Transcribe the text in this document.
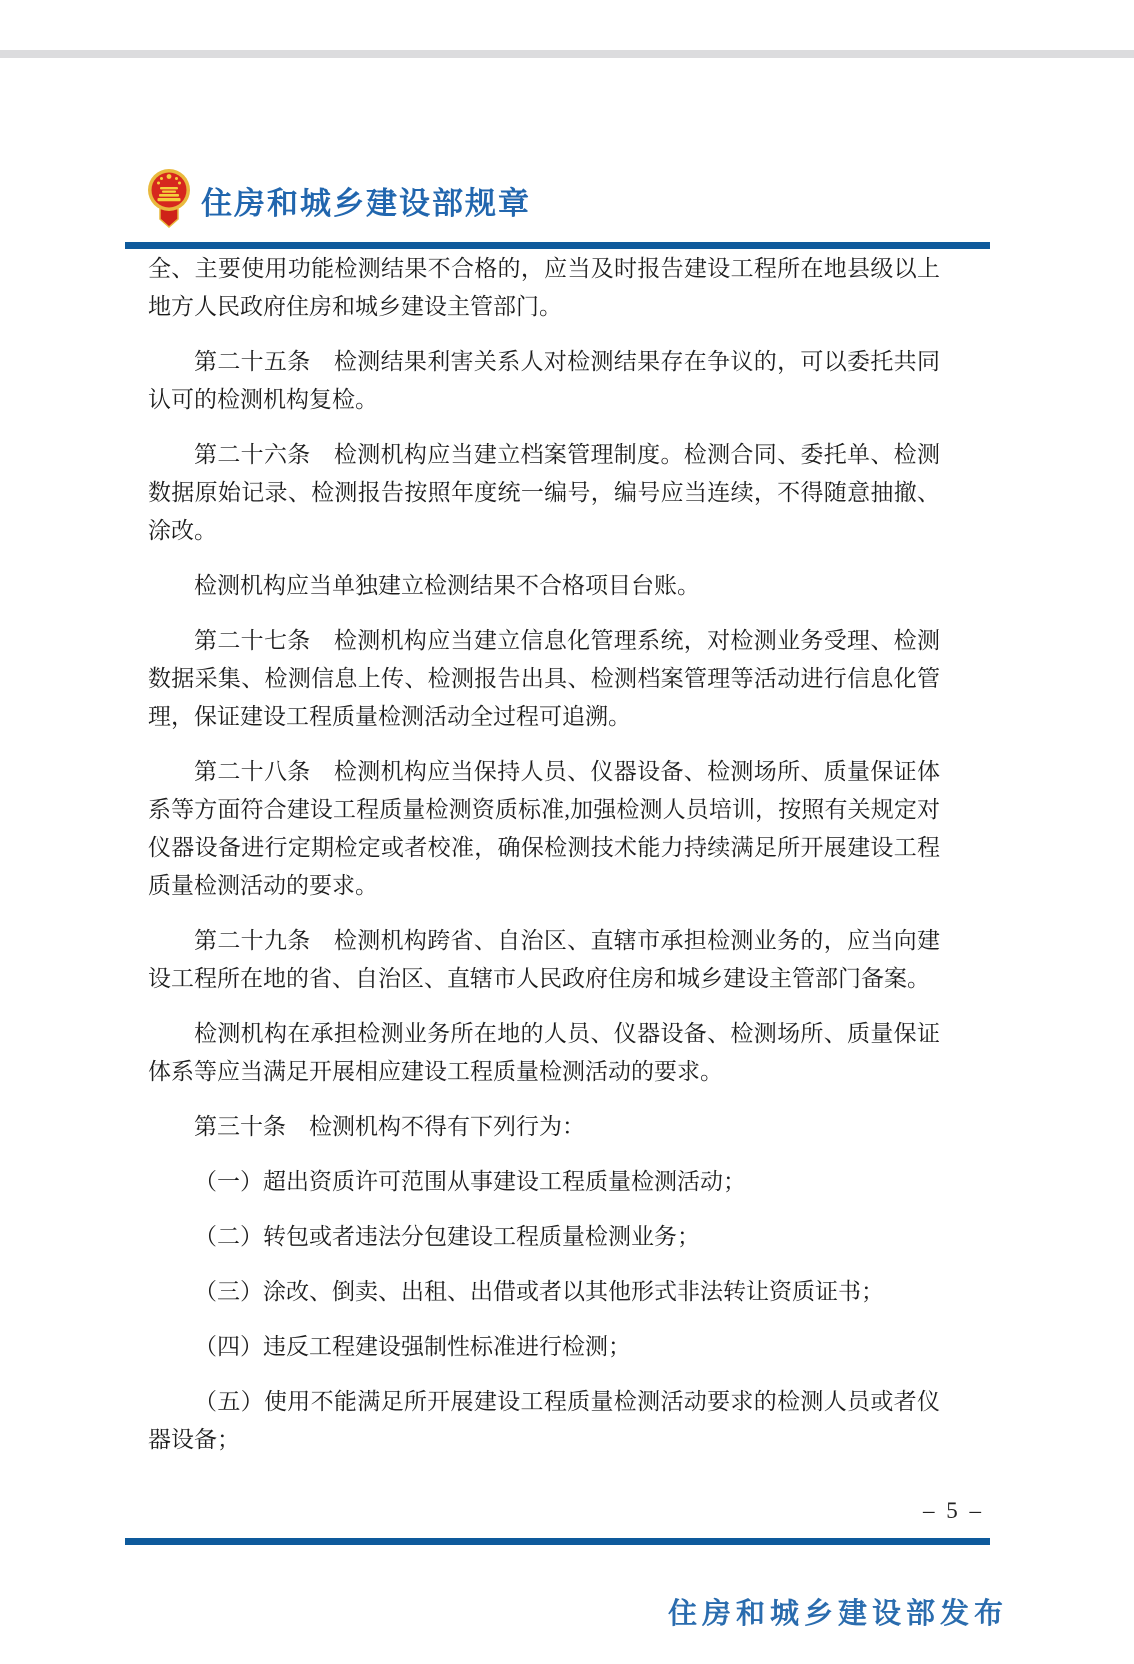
住房和城乡建设部规章

全、主要使用功能检测结果不合格的，应当及时报告建设工程所在地县级以上地方人民政府住房和城乡建设主管部门。

第二十五条　检测结果利害关系人对检测结果存在争议的，可以委托共同认可的检测机构复检。

第二十六条　检测机构应当建立档案管理制度。检测合同、委托单、检测数据原始记录、检测报告按照年度统一编号，编号应当连续，不得随意抽撤、涂改。

检测机构应当单独建立检测结果不合格项目台账。

第二十七条　检测机构应当建立信息化管理系统，对检测业务受理、检测数据采集、检测信息上传、检测报告出具、检测档案管理等活动进行信息化管理，保证建设工程质量检测活动全过程可追溯。

第二十八条　检测机构应当保持人员、仪器设备、检测场所、质量保证体系等方面符合建设工程质量检测资质标准,加强检测人员培训，按照有关规定对仪器设备进行定期检定或者校准，确保检测技术能力持续满足所开展建设工程质量检测活动的要求。

第二十九条　检测机构跨省、自治区、直辖市承担检测业务的，应当向建设工程所在地的省、自治区、直辖市人民政府住房和城乡建设主管部门备案。

检测机构在承担检测业务所在地的人员、仪器设备、检测场所、质量保证体系等应当满足开展相应建设工程质量检测活动的要求。

第三十条　检测机构不得有下列行为：

（一）超出资质许可范围从事建设工程质量检测活动；

（二）转包或者违法分包建设工程质量检测业务；

（三）涂改、倒卖、出租、出借或者以其他形式非法转让资质证书；

（四）违反工程建设强制性标准进行检测；

（五）使用不能满足所开展建设工程质量检测活动要求的检测人员或者仪器设备；

– 5 –
住房和城乡建设部发布
